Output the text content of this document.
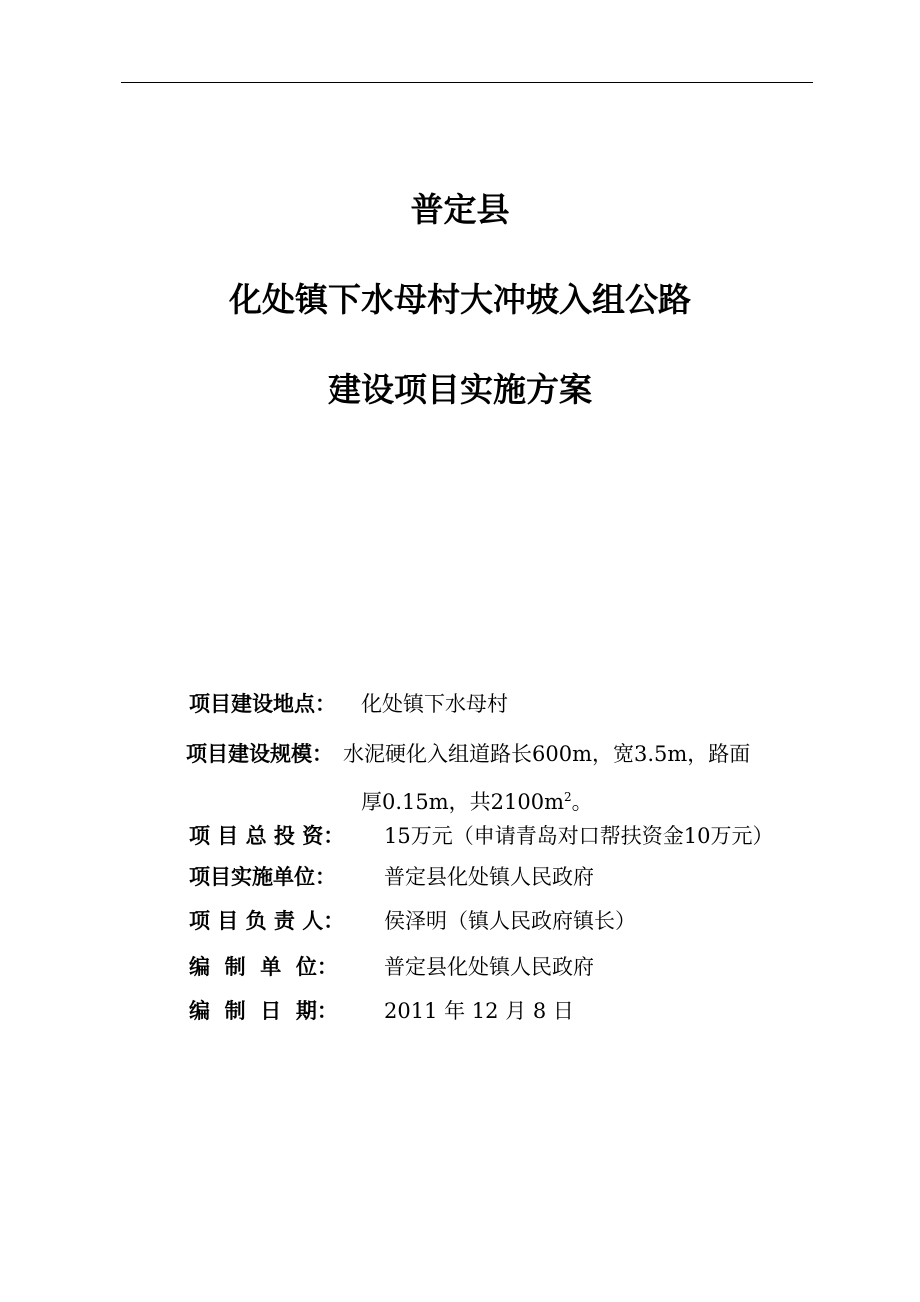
普定县
化处镇下水母村大冲坡入组公路
建设项目实施方案
项目建设地点： 化处镇下水母村
项目建设规模： 水泥硬化入组道路长600m，宽3.5m，路面
厚0.15m，共$2100m^2$。
项 目 总 投 资： 15万元（申请青岛对口帮扶资金10万元）
项目实施单位： 普定县化处镇人民政府
项 目 负 责 人： 侯泽明（镇人民政府镇长）
编  制  单  位： 普定县化处镇人民政府
编  制  日  期： 2011 年 12 月 8 日
